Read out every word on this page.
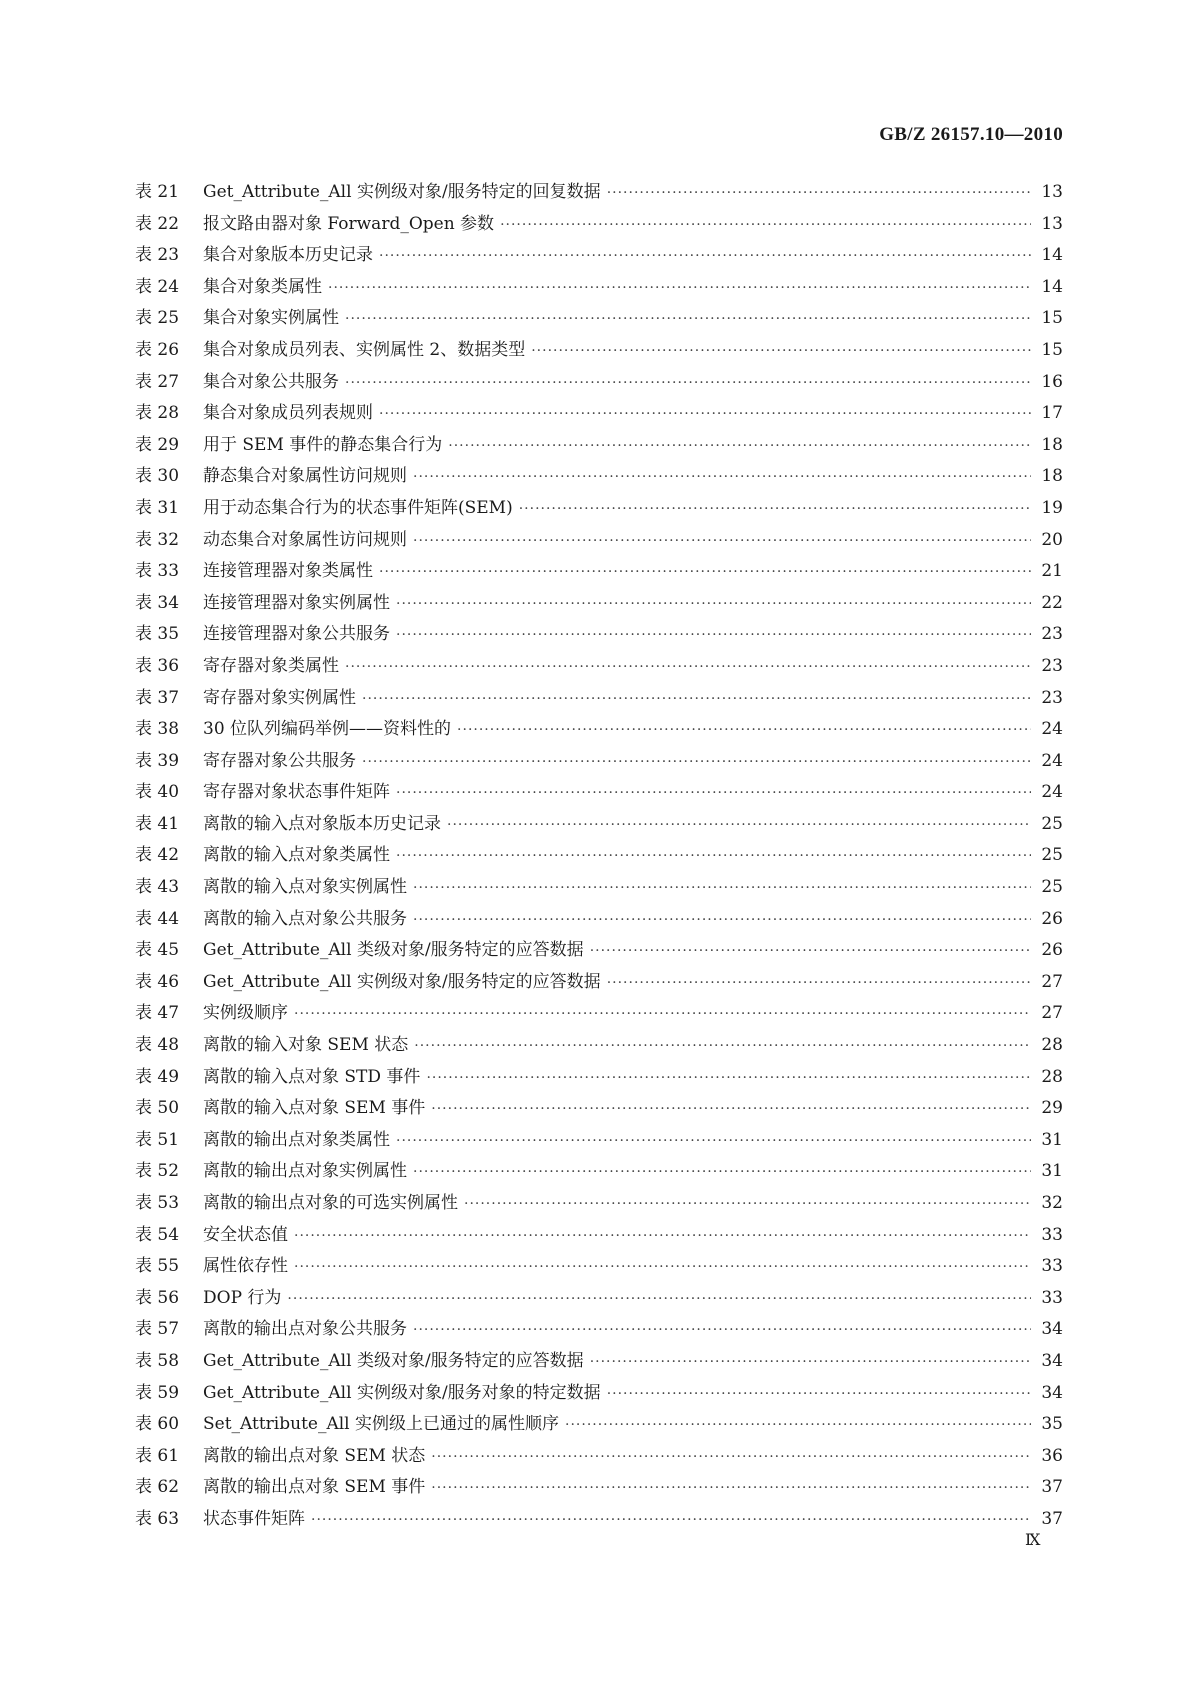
GB/Z 26157.10—2010
表 21	Get_Attribute_All 实例级对象/服务特定的回复数据 ·····	13
表 22	报文路由器对象 Forward_Open 参数 ·····	13
表 23	集合对象版本历史记录 ·····	14
表 24	集合对象类属性 ·····	14
表 25	集合对象实例属性 ·····	15
表 26	集合对象成员列表、实例属性 2、数据类型 ·····	15
表 27	集合对象公共服务 ·····	16
表 28	集合对象成员列表规则 ·····	17
表 29	用于 SEM 事件的静态集合行为 ·····	18
表 30	静态集合对象属性访问规则 ·····	18
表 31	用于动态集合行为的状态事件矩阵(SEM) ·····	19
表 32	动态集合对象属性访问规则 ·····	20
表 33	连接管理器对象类属性 ·····	21
表 34	连接管理器对象实例属性 ·····	22
表 35	连接管理器对象公共服务 ·····	23
表 36	寄存器对象类属性 ·····	23
表 37	寄存器对象实例属性 ·····	23
表 38	30 位队列编码举例——资料性的 ·····	24
表 39	寄存器对象公共服务 ·····	24
表 40	寄存器对象状态事件矩阵 ·····	24
表 41	离散的输入点对象版本历史记录 ·····	25
表 42	离散的输入点对象类属性 ·····	25
表 43	离散的输入点对象实例属性 ·····	25
表 44	离散的输入点对象公共服务 ·····	26
表 45	Get_Attribute_All 类级对象/服务特定的应答数据 ·····	26
表 46	Get_Attribute_All 实例级对象/服务特定的应答数据 ·····	27
表 47	实例级顺序 ·····	27
表 48	离散的输入对象 SEM 状态 ·····	28
表 49	离散的输入点对象 STD 事件 ·····	28
表 50	离散的输入点对象 SEM 事件 ·····	29
表 51	离散的输出点对象类属性 ·····	31
表 52	离散的输出点对象实例属性 ·····	31
表 53	离散的输出点对象的可选实例属性 ·····	32
表 54	安全状态值 ·····	33
表 55	属性依存性 ·····	33
表 56	DOP 行为 ·····	33
表 57	离散的输出点对象公共服务 ·····	34
表 58	Get_Attribute_All 类级对象/服务特定的应答数据 ·····	34
表 59	Get_Attribute_All 实例级对象/服务对象的特定数据 ·····	34
表 60	Set_Attribute_All 实例级上已通过的属性顺序 ·····	35
表 61	离散的输出点对象 SEM 状态 ·····	36
表 62	离散的输出点对象 SEM 事件 ·····	37
表 63	状态事件矩阵 ·····	37
Ⅸ
